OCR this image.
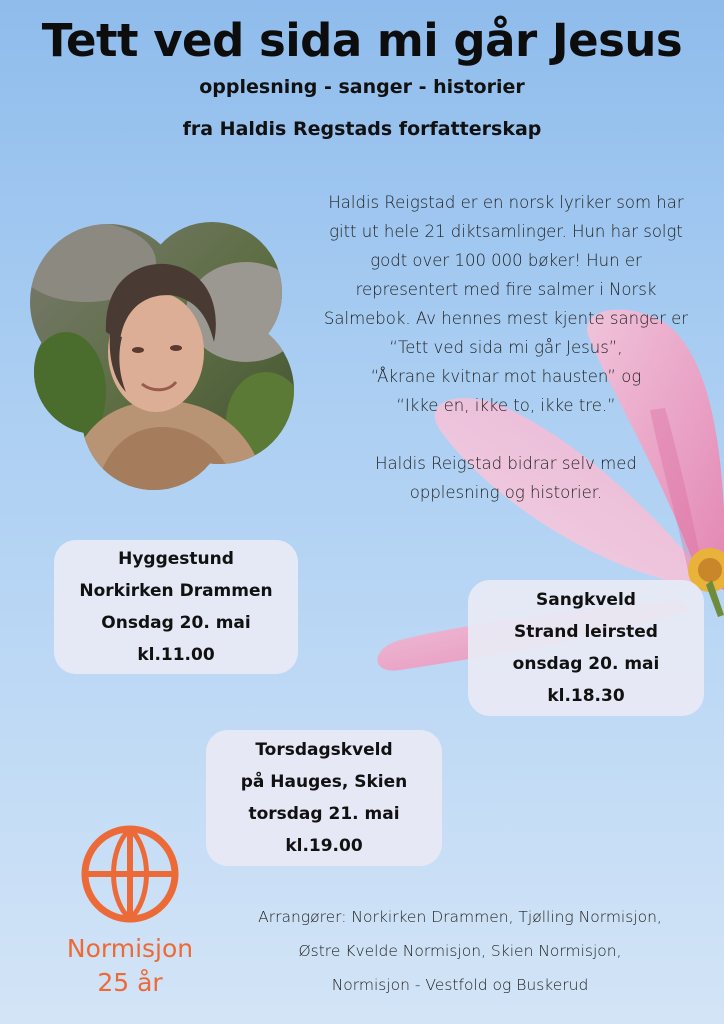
Tett ved sida mi går Jesus
opplesning - sanger - historier
fra Haldis Regstads forfatterskap

Haldis Reigstad er en norsk lyriker som har

gitt ut hele 21 diktsamlinger. Hun har solgt

godt over 100 000 bøker! Hun er

representert med fire salmer i Norsk

Salmebok. Av hennes mest kjente sanger er

“Tett ved sida mi går Jesus”,

“Åkrane kvitnar mot hausten” og

“Ikke en, ikke to, ikke tre.”

Haldis Reigstad bidrar selv med

opplesning og historier.

Hyggestund
Norkirken Drammen
Onsdag 20. mai
kl.11.00
Sangkveld
Strand leirsted
onsdag 20. mai
kl.18.30
Torsdagskveld
på Hauges, Skien
torsdag 21. mai
kl.19.00
Normisjon
25 år
Arrangører: Norkirken Drammen, Tjølling Normisjon,
Østre Kvelde Normisjon, Skien Normisjon,
Normisjon - Vestfold og Buskerud
